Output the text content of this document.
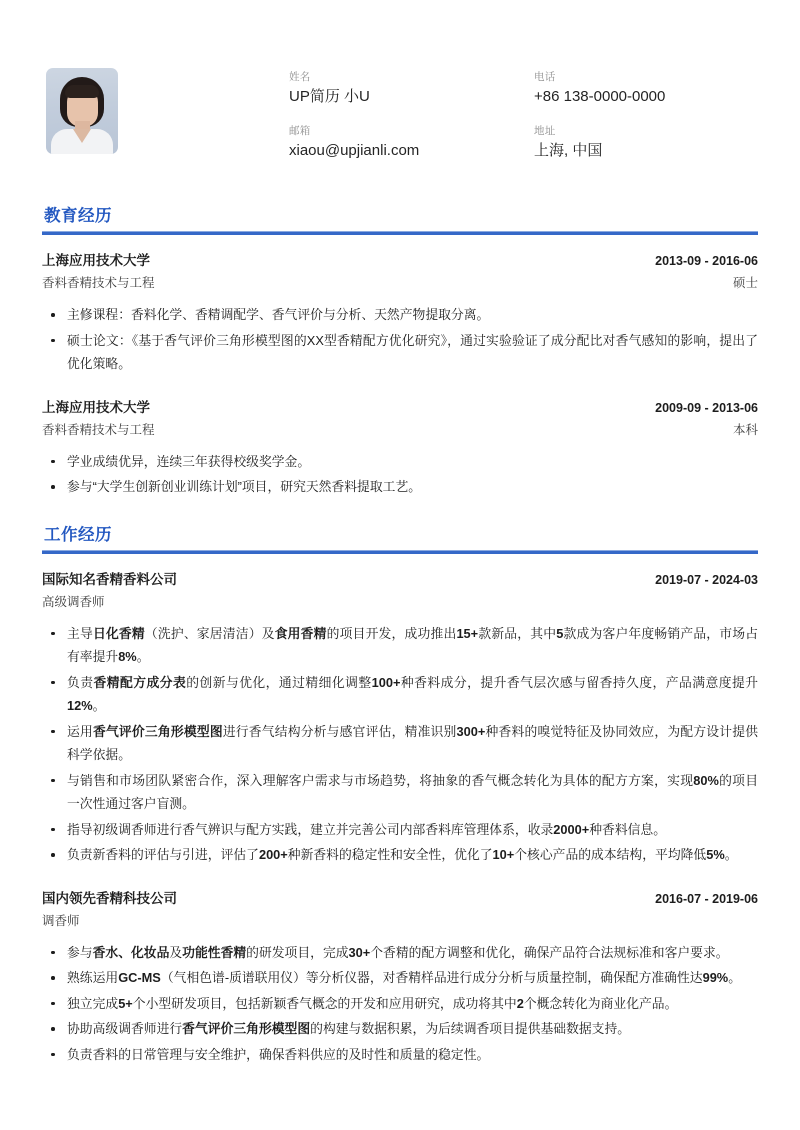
姓名
UP简历 小U
电话
+86 138-0000-0000
邮箱
xiaou@upjianli.com
地址
上海, 中国
教育经历
上海应用技术大学	2013-09 - 2016-06
香料香精技术与工程	硕士
主修课程：香料化学、香精调配学、香气评价与分析、天然产物提取分离。
硕士论文：《基于香气评价三角形模型图的XX型香精配方优化研究》，通过实验验证了成分配比对香气感知的影响，提出了优化策略。
上海应用技术大学	2009-09 - 2013-06
香料香精技术与工程	本科
学业成绩优异，连续三年获得校级奖学金。
参与“大学生创新创业训练计划”项目，研究天然香料提取工艺。
工作经历
国际知名香精香料公司	2019-07 - 2024-03
高级调香师
主导日化香精（洗护、家居清洁）及食用香精的项目开发，成功推出15+款新品，其中5款成为客户年度畅销产品，市场占有率提升8%。
负责香精配方成分表的创新与优化，通过精细化调整100+种香料成分，提升香气层次感与留香持久度，产品满意度提升12%。
运用香气评价三角形模型图进行香气结构分析与感官评估，精准识别300+种香料的嗅觉特征及协同效应，为配方设计提供科学依据。
与销售和市场团队紧密合作，深入理解客户需求与市场趋势，将抽象的香气概念转化为具体的配方方案，实现80%的项目一次性通过客户盲测。
指导初级调香师进行香气辨识与配方实践，建立并完善公司内部香料库管理体系，收录2000+种香料信息。
负责新香料的评估与引进，评估了200+种新香料的稳定性和安全性，优化了10+个核心产品的成本结构，平均降低5%。
国内领先香精科技公司	2016-07 - 2019-06
调香师
参与香水、化妆品及功能性香精的研发项目，完成30+个香精的配方调整和优化，确保产品符合法规标准和客户要求。
熟练运用GC-MS（气相色谱-质谱联用仪）等分析仪器，对香精样品进行成分分析与质量控制，确保配方准确性达99%。
独立完成5+个小型研发项目，包括新颖香气概念的开发和应用研究，成功将其中2个概念转化为商业化产品。
协助高级调香师进行香气评价三角形模型图的构建与数据积累，为后续调香项目提供基础数据支持。
负责香料的日常管理与安全维护，确保香料供应的及时性和质量的稳定性。
